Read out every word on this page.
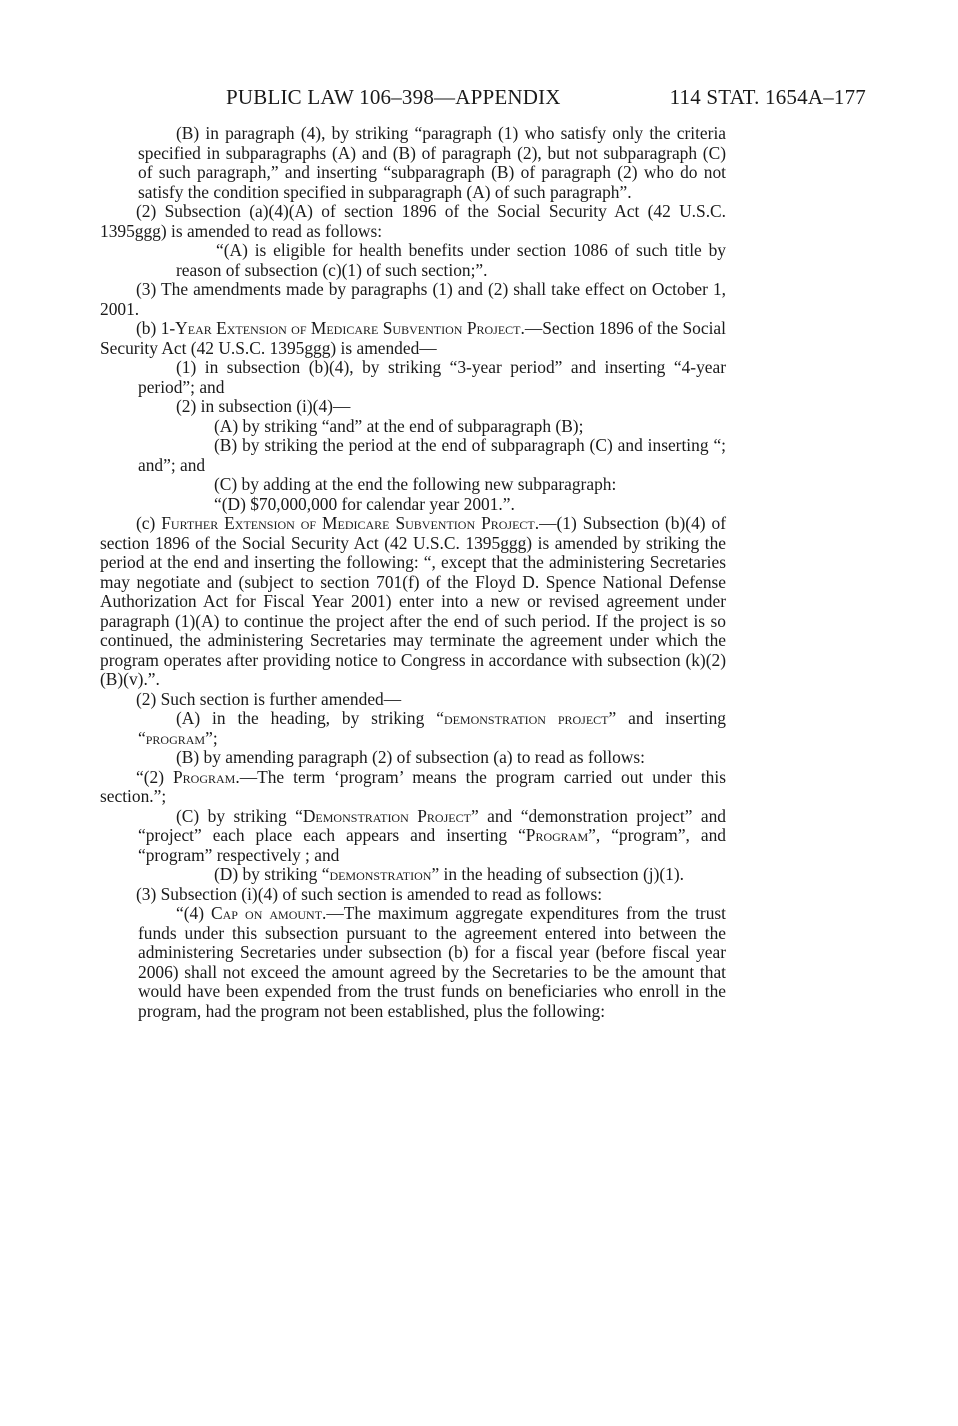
PUBLIC LAW 106–398—APPENDIX	114 STAT. 1654A–177

(B) in paragraph (4), by striking “paragraph (1) who satisfy only the criteria specified in subparagraphs (A) and (B) of paragraph (2), but not subparagraph (C) of such paragraph,” and inserting “subparagraph (B) of paragraph (2) who do not satisfy the condition specified in subparagraph (A) of such paragraph”.

(2) Subsection (a)(4)(A) of section 1896 of the Social Security Act (42 U.S.C. 1395ggg) is amended to read as follows:

“(A) is eligible for health benefits under section 1086 of such title by reason of subsection (c)(1) of such section;”.

(3) The amendments made by paragraphs (1) and (2) shall take effect on October 1, 2001.

(b) 1-Year Extension of Medicare Subvention Project.—Section 1896 of the Social Security Act (42 U.S.C. 1395ggg) is amended—

(1) in subsection (b)(4), by striking “3-year period” and inserting “4-year period”; and

(2) in subsection (i)(4)—

(A) by striking “and” at the end of subparagraph (B);

(B) by striking the period at the end of subparagraph (C) and inserting “; and”; and

(C) by adding at the end the following new subparagraph:

“(D) $70,000,000 for calendar year 2001.”.

(c) Further Extension of Medicare Subvention Project.—(1) Subsection (b)(4) of section 1896 of the Social Security Act (42 U.S.C. 1395ggg) is amended by striking the period at the end and inserting the following: “, except that the administering Secretaries may negotiate and (subject to section 701(f) of the Floyd D. Spence National Defense Authorization Act for Fiscal Year 2001) enter into a new or revised agreement under paragraph (1)(A) to continue the project after the end of such period. If the project is so continued, the administering Secretaries may terminate the agreement under which the program operates after providing notice to Congress in accordance with subsection (k)(2)(B)(v).”.

(2) Such section is further amended—

(A) in the heading, by striking “demonstration project” and inserting “program”;

(B) by amending paragraph (2) of subsection (a) to read as follows:

“(2) Program.—The term ‘program’ means the program carried out under this section.”;

(C) by striking “Demonstration Project” and “demonstration project” and “project” each place each appears and inserting “Program”, “program”, and “program” respectively ; and

(D) by striking “demonstration” in the heading of subsection (j)(1).

(3) Subsection (i)(4) of such section is amended to read as follows:

“(4) Cap on amount.—The maximum aggregate expenditures from the trust funds under this subsection pursuant to the agreement entered into between the administering Secretaries under subsection (b) for a fiscal year (before fiscal year 2006) shall not exceed the amount agreed by the Secretaries to be the amount that would have been expended from the trust funds on beneficiaries who enroll in the program, had the program not been established, plus the following:
